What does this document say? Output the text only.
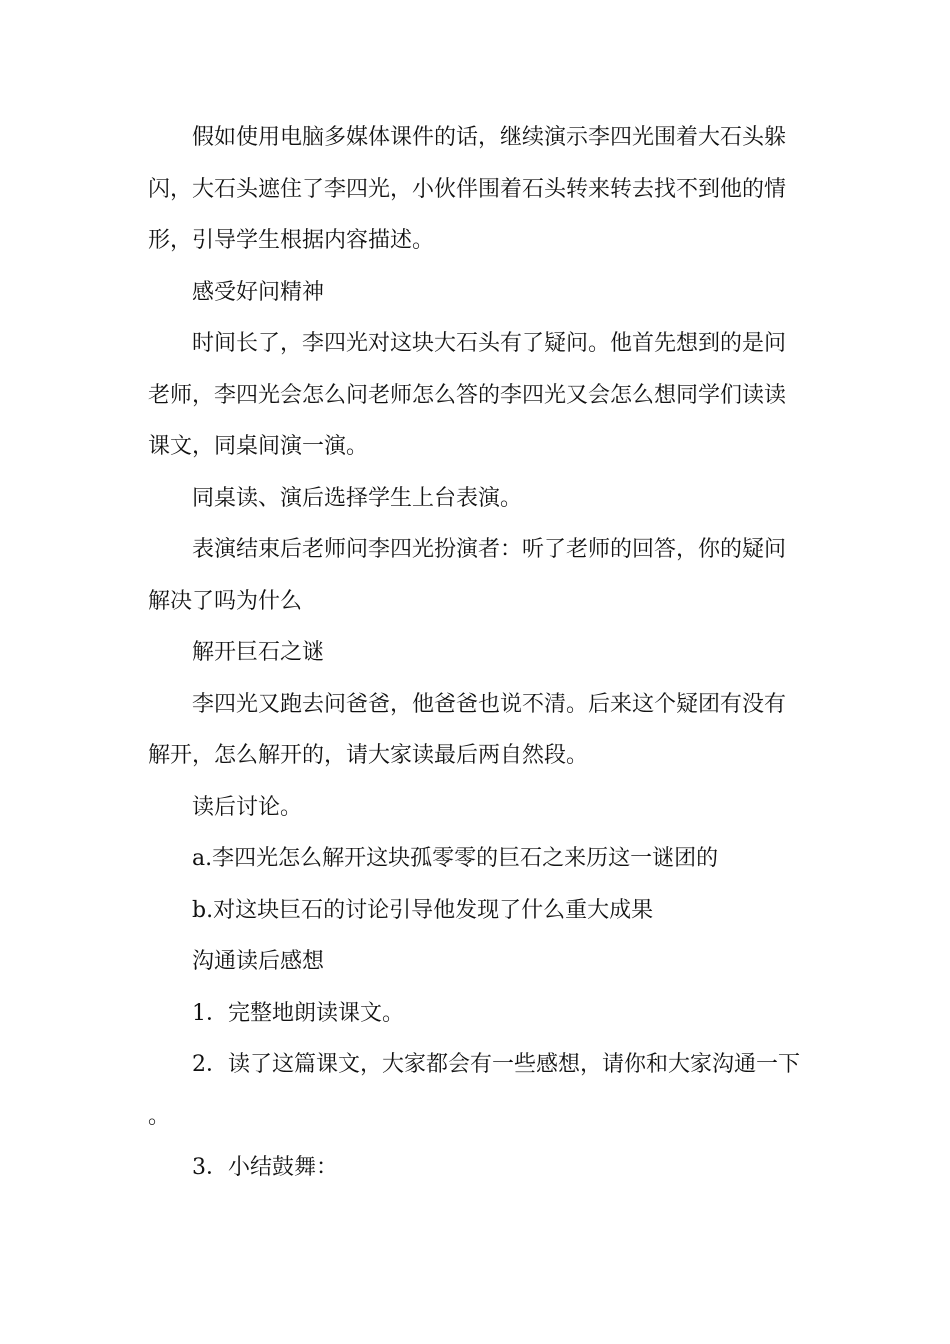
假如使用电脑多媒体课件的话，继续演示李四光围着大石头躲闪，大石头遮住了李四光，小伙伴围着石头转来转去找不到他的情形，引导学生根据内容描述。

感受好问精神

时间长了，李四光对这块大石头有了疑问。他首先想到的是问老师，李四光会怎么问老师怎么答的李四光又会怎么想同学们读读课文，同桌间演一演。

同桌读、演后选择学生上台表演。

表演结束后老师问李四光扮演者：听了老师的回答，你的疑问解决了吗为什么

解开巨石之谜

李四光又跑去问爸爸，他爸爸也说不清。后来这个疑团有没有解开，怎么解开的，请大家读最后两自然段。

读后讨论。

a.李四光怎么解开这块孤零零的巨石之来历这一谜团的

b.对这块巨石的讨论引导他发现了什么重大成果

沟通读后感想

1．完整地朗读课文。

2．读了这篇课文，大家都会有一些感想，请你和大家沟通一下。

3．小结鼓舞：
